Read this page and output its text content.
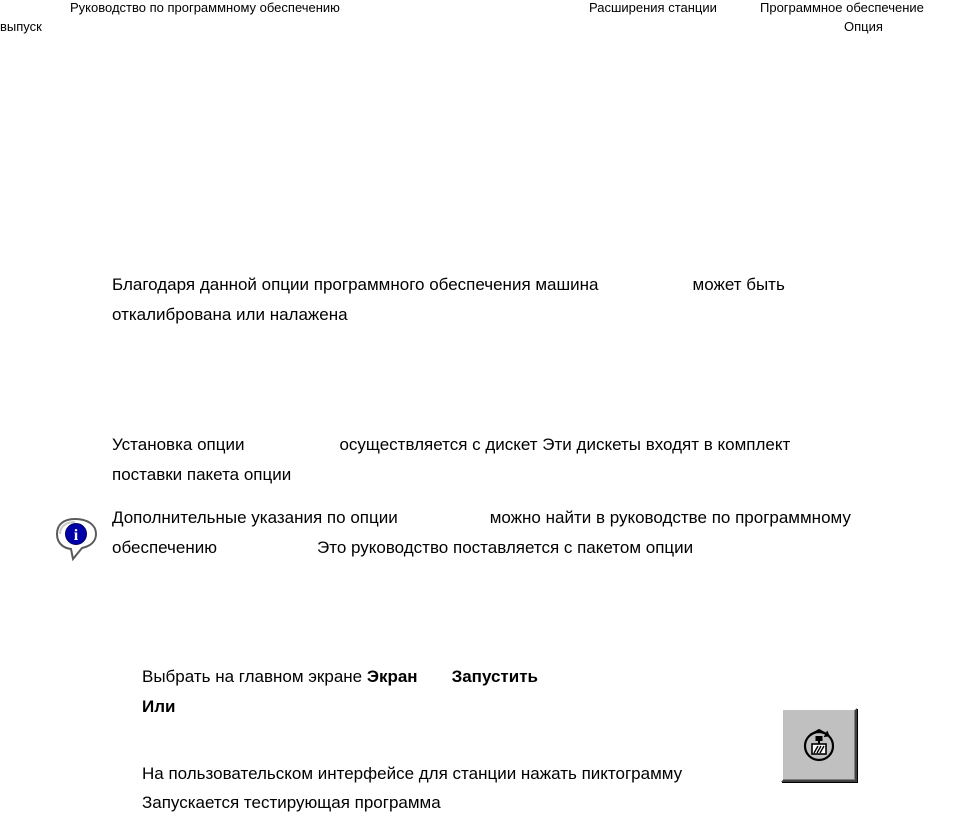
Руководство по программному обеспечению
выпуск
Расширения станции	Программное обеспечение
Опция
Благодаря данной опции программного обеспечения машина	может быть
откалибрована или налажена
Установка опции	осуществляется с дискет Эти дискеты входят в комплект
поставки пакета опции
i
Дополнительные указания по опции	можно найти в руководстве по программному
обеспечению	Это руководство поставляется с пакетом опции
Выбрать на главном экране Экран Запустить
Или
На пользовательском интерфейсе для станции нажать пиктограмму
Запускается тестирующая программа
